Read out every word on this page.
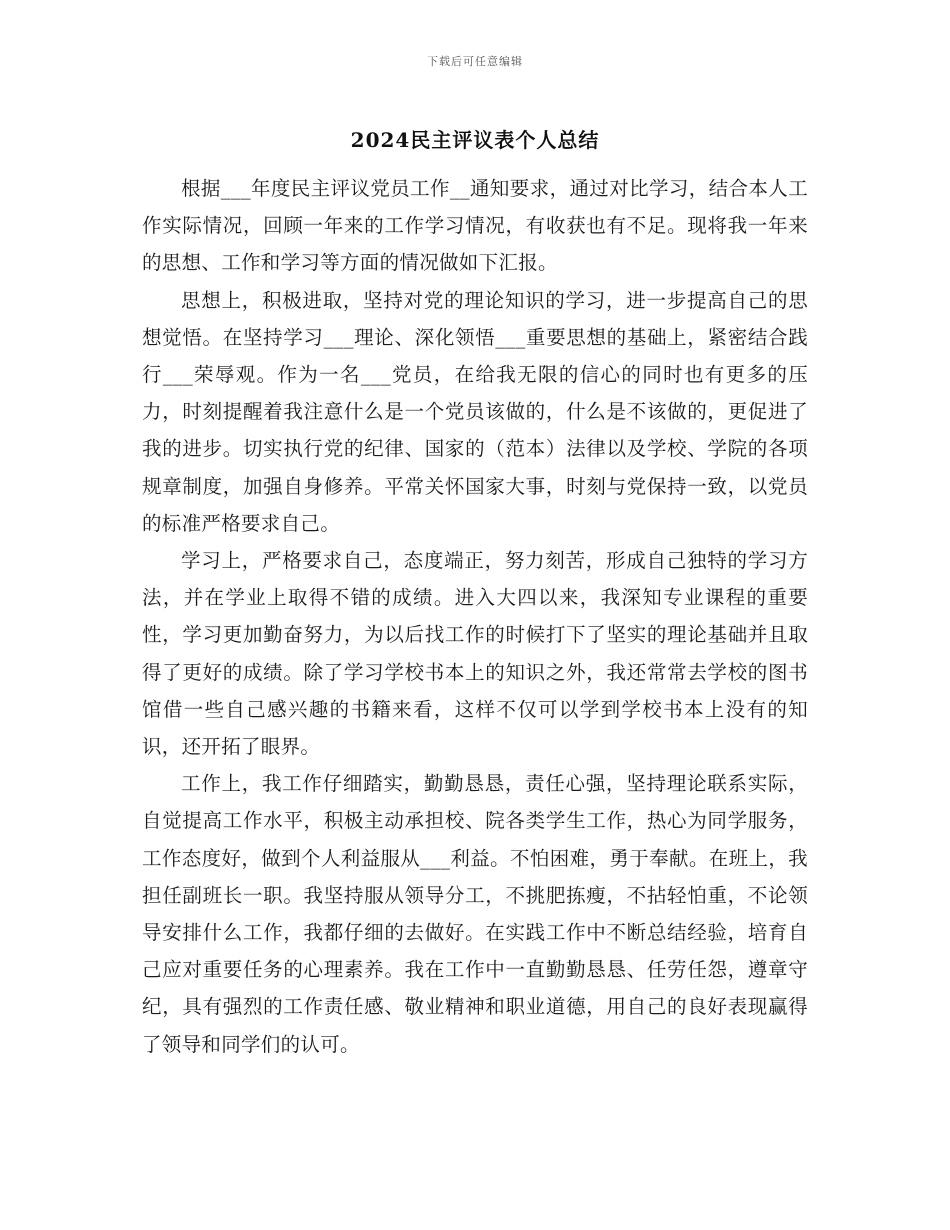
下载后可任意编辑
2024民主评议表个人总结

根据___年度民主评议党员工作__通知要求，通过对比学习，结合本人工作实际情况，回顾一年来的工作学习情况，有收获也有不足。现将我一年来的思想、工作和学习等方面的情况做如下汇报。

思想上，积极进取，坚持对党的理论知识的学习，进一步提高自己的思想觉悟。在坚持学习___理论、深化领悟___重要思想的基础上，紧密结合践行___荣辱观。作为一名___党员，在给我无限的信心的同时也有更多的压力，时刻提醒着我注意什么是一个党员该做的，什么是不该做的，更促进了我的进步。切实执行党的纪律、国家的（范本）法律以及学校、学院的各项规章制度，加强自身修养。平常关怀国家大事，时刻与党保持一致，以党员的标准严格要求自己。

学习上，严格要求自己，态度端正，努力刻苦，形成自己独特的学习方法，并在学业上取得不错的成绩。进入大四以来，我深知专业课程的重要性，学习更加勤奋努力，为以后找工作的时候打下了坚实的理论基础并且取得了更好的成绩。除了学习学校书本上的知识之外，我还常常去学校的图书馆借一些自己感兴趣的书籍来看，这样不仅可以学到学校书本上没有的知识，还开拓了眼界。

工作上，我工作仔细踏实，勤勤恳恳，责任心强，坚持理论联系实际，自觉提高工作水平，积极主动承担校、院各类学生工作，热心为同学服务，工作态度好，做到个人利益服从___利益。不怕困难，勇于奉献。在班上，我担任副班长一职。我坚持服从领导分工，不挑肥拣瘦，不拈轻怕重，不论领导安排什么工作，我都仔细的去做好。在实践工作中不断总结经验，培育自己应对重要任务的心理素养。我在工作中一直勤勤恳恳、任劳任怨，遵章守纪，具有强烈的工作责任感、敬业精神和职业道德，用自己的良好表现赢得了领导和同学们的认可。
